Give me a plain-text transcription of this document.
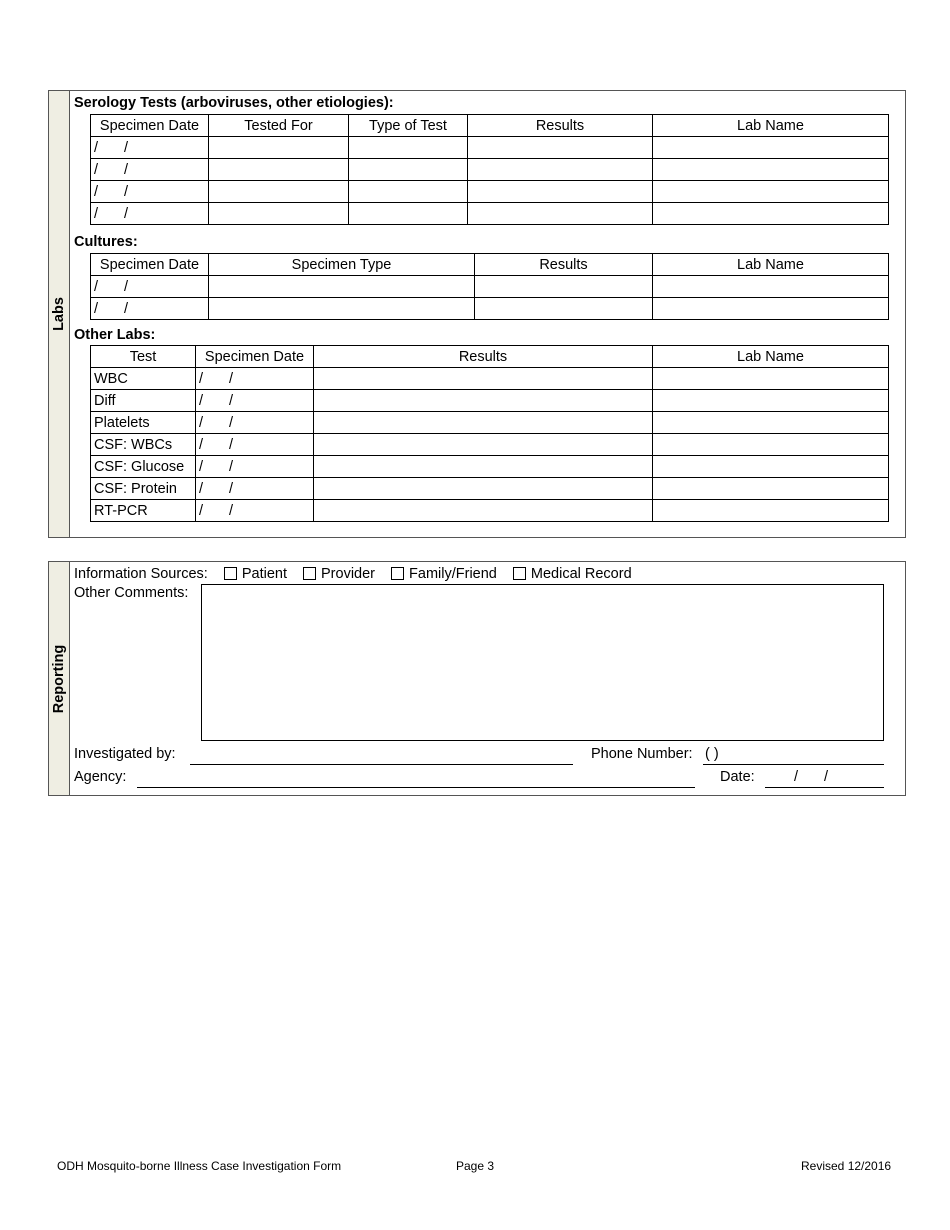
Labs
Serology Tests (arboviruses, other etiologies):
Specimen Date	Tested For	Type of Test	Results	Lab Name
/ /				
/ /				
/ /				
/ /				
Cultures:
Specimen Date	Specimen Type	Results	Lab Name
/ /			
/ /			
Other Labs:
Test	Specimen Date	Results	Lab Name
WBC	/ /		
Diff	/ /		
Platelets	/ /		
CSF: WBCs	/ /		
CSF: Glucose	/ /		
CSF: Protein	/ /		
RT-PCR	/ /		
Reporting
Information Sources: Patient Provider Family/Friend Medical Record
Other Comments:
Investigated by:	Phone Number: ( )
Agency:	Date:	/ /
ODH Mosquito-borne Illness Case Investigation Form	Page 3	Revised 12/2016
